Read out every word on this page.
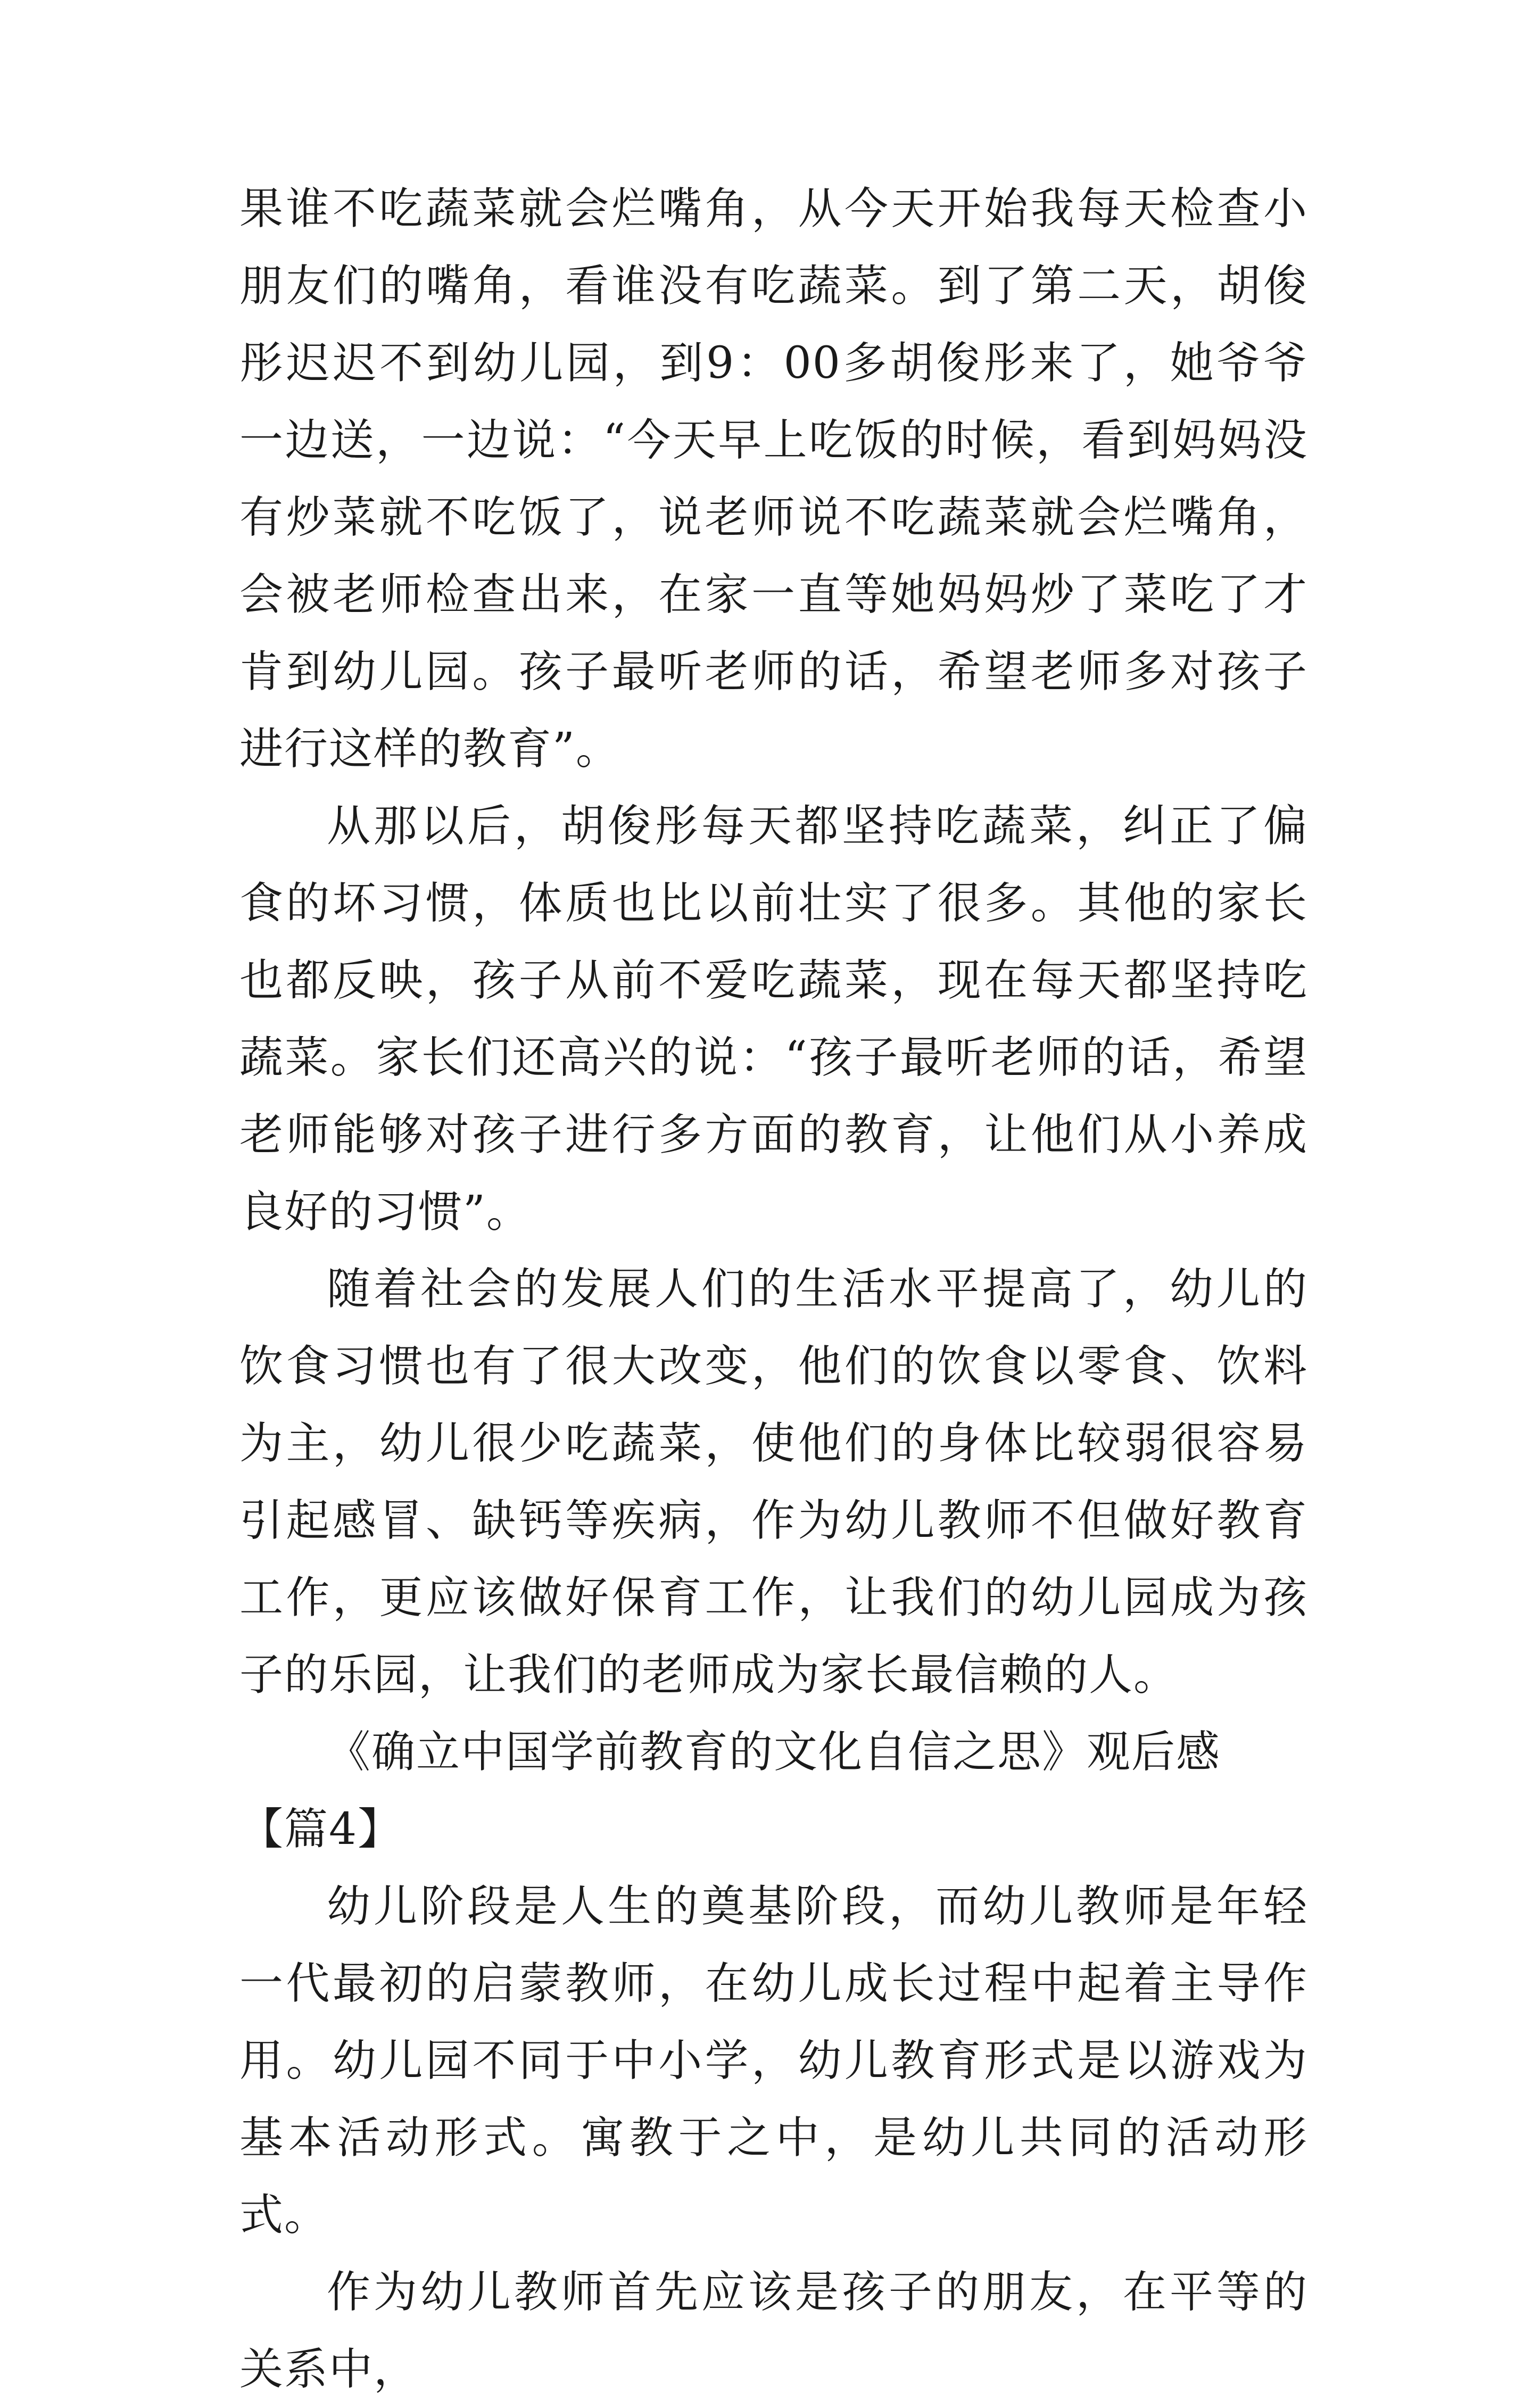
果谁不吃蔬菜就会烂嘴角，从今天开始我每天检查小朋友们的嘴角，看谁没有吃蔬菜。到了第二天，胡俊彤迟迟不到幼儿园，到9：00多胡俊彤来了，她爷爷一边送，一边说：“今天早上吃饭的时候，看到妈妈没有炒菜就不吃饭了，说老师说不吃蔬菜就会烂嘴角，会被老师检查出来，在家一直等她妈妈炒了菜吃了才肯到幼儿园。孩子最听老师的话，希望老师多对孩子进行这样的教育”。

从那以后，胡俊彤每天都坚持吃蔬菜，纠正了偏食的坏习惯，体质也比以前壮实了很多。其他的家长也都反映，孩子从前不爱吃蔬菜，现在每天都坚持吃蔬菜。家长们还高兴的说：“孩子最听老师的话，希望老师能够对孩子进行多方面的教育，让他们从小养成良好的习惯”。

随着社会的发展人们的生活水平提高了，幼儿的饮食习惯也有了很大改变，他们的饮食以零食、饮料为主，幼儿很少吃蔬菜，使他们的身体比较弱很容易引起感冒、缺钙等疾病，作为幼儿教师不但做好教育工作，更应该做好保育工作，让我们的幼儿园成为孩子的乐园，让我们的老师成为家长最信赖的人。

《确立中国学前教育的文化自信之思》观后感【篇4】

幼儿阶段是人生的奠基阶段，而幼儿教师是年轻一代最初的启蒙教师，在幼儿成长过程中起着主导作用。幼儿园不同于中小学，幼儿教育形式是以游戏为基本活动形式。寓教于之中，是幼儿共同的活动形式。

作为幼儿教师首先应该是孩子的朋友，在平等的关系中，
